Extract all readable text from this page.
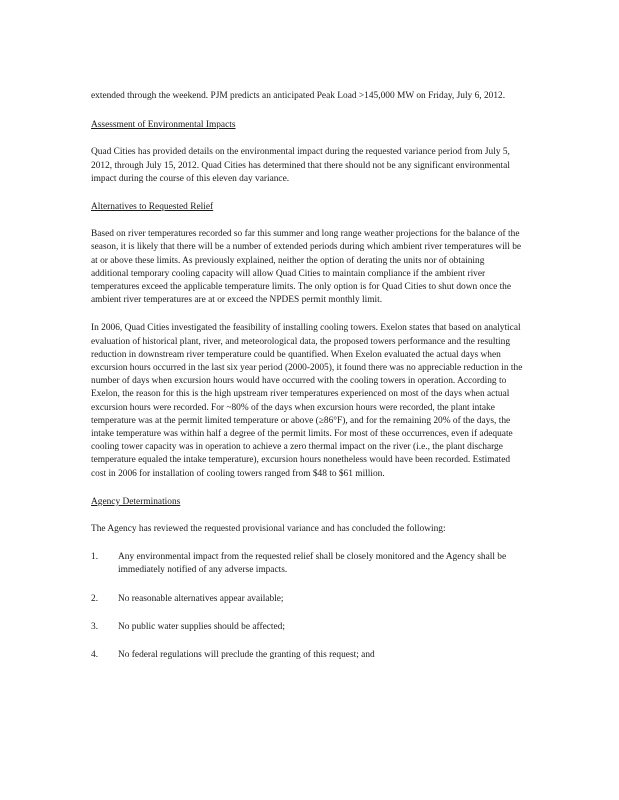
extended through the weekend. PJM predicts an anticipated Peak Load >145,000 MW on Friday, July 6, 2012.

Assessment of Environmental Impacts

Quad Cities has provided details on the environmental impact during the requested variance period from July 5, 2012, through July 15, 2012. Quad Cities has determined that there should not be any significant environmental impact during the course of this eleven day variance.

Alternatives to Requested Relief

Based on river temperatures recorded so far this summer and long range weather projections for the balance of the season, it is likely that there will be a number of extended periods during which ambient river temperatures will be at or above these limits. As previously explained, neither the option of derating the units nor of obtaining additional temporary cooling capacity will allow Quad Cities to maintain compliance if the ambient river temperatures exceed the applicable temperature limits. The only option is for Quad Cities to shut down once the ambient river temperatures are at or exceed the NPDES permit monthly limit.

In 2006, Quad Cities investigated the feasibility of installing cooling towers. Exelon states that based on analytical evaluation of historical plant, river, and meteorological data, the proposed towers performance and the resulting reduction in downstream river temperature could be quantified. When Exelon evaluated the actual days when excursion hours occurred in the last six year period (2000-2005), it found there was no appreciable reduction in the number of days when excursion hours would have occurred with the cooling towers in operation. According to Exelon, the reason for this is the high upstream river temperatures experienced on most of the days when actual excursion hours were recorded. For ~80% of the days when excursion hours were recorded, the plant intake temperature was at the permit limited temperature or above (≥86°F), and for the remaining 20% of the days, the intake temperature was within half a degree of the permit limits. For most of these occurrences, even if adequate cooling tower capacity was in operation to achieve a zero thermal impact on the river (i.e., the plant discharge temperature equaled the intake temperature), excursion hours nonetheless would have been recorded. Estimated cost in 2006 for installation of cooling towers ranged from $48 to $61 million.

Agency Determinations

The Agency has reviewed the requested provisional variance and has concluded the following:

1. Any environmental impact from the requested relief shall be closely monitored and the Agency shall be immediately notified of any adverse impacts.
2. No reasonable alternatives appear available;
3. No public water supplies should be affected;
4. No federal regulations will preclude the granting of this request; and
